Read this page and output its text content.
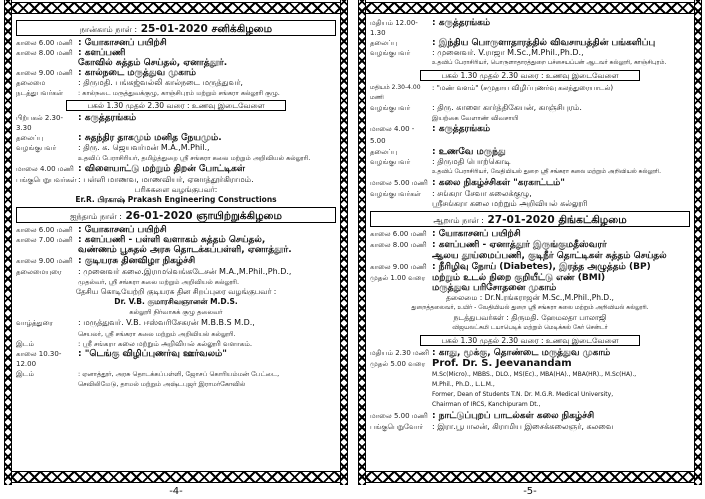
நான்காம் நாள் : 25-01-2020 சனிக்கிழமை
காலை 6.00 மணி : யோகாசனப் பயிற்சி
காலை 8.00 மணி : களப்பணி
கோவில் சுத்தம் செய்தல், ஏனாத்தூர்.
காலை 9.00 மணி : கால்நடை மருத்துவ முகாம்
தலைமை	: திருமதி. பங்கஜ்வல்லி கால்நடை மருத்துவர்,
நடத்துபவர்கள்	: கால்நடை மருத்துவக்குழு, காஞ்சிபுரம் மற்றும் சங்கரா கல்லூரி குழு.
பகல் 1.30 முதல் 2.30 வரை : உணவு இடைவேளை
பிற்பகல் 2.30-3.30
: கருத்தரங்கம்
தலைப்பு	: சுதந்திர தாகமும் மனித நேயமும்.
வழங்குபவர்	: திரு. க. ஜெயவர்மன் M.A.,M.Phil.,
உதவிப் பேராசிரியர், தமிழ்த்துறை ஸ்ரீ சங்கரா கலை மற்றும் அறிவியல் கல்லூரி.
மாலை 4.00 மணி : விளையாட்டு மற்றும் திறன் போட்டிகள்
பங்குபெறுபவர்கள் : பள்ளி மாணவ, மாணவியர், ஏனாத்தூர்கிராமம்.
பரிசுகளை வழங்குபவர்:
Er.R. பிரகாஷ் Prakash Engineering Constructions
ஐந்தாம் நாள் : 26-01-2020 ஞாயிற்றுக்கிழமை
காலை 6.00 மணி : யோகாசனப் பயிற்சி
காலை 7.00 மணி : களப்பணி - பள்ளி வளாகம் சுத்தம் செய்தல்,
வண்ணம் பூசுதல் அரசு தொடக்கப்பள்ளி, ஏனாத்தூர்.
காலை 9.00 மணி : குடியரசு தினவிழா நிகழ்ச்சி
தலைமையுரை	: முனைவர் கலை.இராமவெங்கடேசன் M.A.,M.Phil.,Ph.D.,
முதல்வர், ஸ்ரீ சங்கரா கலை மற்றும் அறிவியல் கல்லூரி.
தேசிய கொடியேற்றி குடியரசு தின சிறப்புரை வழங்குபவர் :
Dr. V.B. குமாரசிவஞானன் M.D.S.
கல்லூரி நிர்வாகக் குழு தலைவர்
வாழ்த்துரை	: மருத்துவர். V.B. ஈஸ்வரிசேகரன் M.B.B.S M.D.,
செயலர், ஸ்ரீ சங்கரா கலை மற்றும் அறிவியல் கல்லூரி.
இடம்	: ஸ்ரீ சங்கரா கலை மற்றும் அறிவியல் கல்லூரி வளாகம்.
காலை 10.30-12.00
: "டெங்கு விழிப்புணர்வு ஊர்வலம்"
இடம்	: ஏனாத்தூர், அரசு தொடக்கப்பள்ளி, ஜோசப் கொரியம்மன் பேட்டை,
செவிலிமேடு, தாமல் மற்றும் அஷ்டபுஜர் இராமர்கோவில்
-4-
மதியம் 12.00-1.30
: கருத்தரங்கம்
தலைப்பு	: இந்திய பொருளாதாரத்தில் விவசாயத்தின் பங்களிப்பு
வழங்குபவர்	: முனைவர். V.ராஜா M.Sc.,M.Phil.,Ph.D.,
உதவிப் பேராசிரியர், பொருளாதாரத்துறை பச்சையப்பன் ஆடவர் கல்லூரி, காஞ்சிபுரம்.
பகல் 1.30 முதல் 2.30 வரை : உணவு இடைவேளை
மதியம் 2.30-4.00 மணி
: "மண் வளம்" (சமுதாய விழிப்புணர்வு கலந்துரையாடல்)
வழங்குபவர்	: திரு. காளை கார்த்திகேயன், காஞ்சிபுரம்.
இயற்கை வேளாண் விவசாயி
மாலை 4.00 - 5.00
: கருத்தரங்கம்
தலைப்பு	: உணவே மருந்து
வழங்குபவர்	: திருமதி பொற்கொடி
உதவிப் பேராசிரியர், வேதியியல் துறை ஸ்ரீ சங்கரா கலை மற்றும் அறிவியல் கல்லூரி.
மாலை 5.00 மணி : கலை நிகழ்ச்சிகள் "கரகாட்டம்"
வழங்குபவர்கள்	: சங்கரா சேவா கலைக்குழு,
ஸ்ரீசங்கரா கலை மற்றும் அறிவியல் கல்லூரி
ஆறாம் நாள் : 27-01-2020 திங்கட்கிழமை
காலை 6.00 மணி : யோகாசனப் பயிற்சி
காலை 8.00 மணி : களப்பணி - ஏனாத்தூர் இருங்குமதீஸ்வரர்
ஆலய தூய்மைப்பணி, குடிநீர் தொட்டிகள் சுத்தம் செய்தல்
காலை 9.00 மணி : நீரிழிவு நோய் (Diabetes), இரத்த அழுத்தம் (BP)
முதல் 1.00 வரை மற்றும் உடல் நிறை குறியீட்டு எண் (BMI)
மருத்துவ பரிசோதனை முகாம்
தலைமை : Dr.N.ரங்கராஜன் M.Sc.,M.Phil.,Ph.D.,
துறைத்தலைவர், உயிர் - வேதியியல் துறை ஸ்ரீ சங்கரா கலை மற்றும் அறிவியல் கல்லூரி.
நடத்துபவர்கள் : திருமதி. ஹேமலதா பாலாஜி
விஜயலட்சுமி டயாபெடிக் மற்றும் மெடிக்கல் கேர் சென்டர்
பகல் 1.30 முதல் 2.30 வரை : உணவு இடைவேளை
மதியம் 2.30 மணி : காது, மூக்கு, தொண்டை மருத்துவ முகாம்
முதல் 5.00 வரை Prof. Dr. S. Jeevanandam
M.Sc(Micro)., MBBS., DLO., MS(Ec)., MBA(HA)., MBA(HR)., M.Sc(HA).,
M.Phil., Ph.D., L.L.M.,
Former, Dean of Students T.N. Dr. M.G.R. Medical University,
Chairman of IRCS, Kanchipuram Dt.,
மாலை 5.00 மணி : நாட்டுப்புறப் பாடல்கள் கலை நிகழ்ச்சி
பங்குபெறுவோர்	: இரா.பூபாலன், கிராமிய இசைக்கலைஞர், கலவை
-5-
